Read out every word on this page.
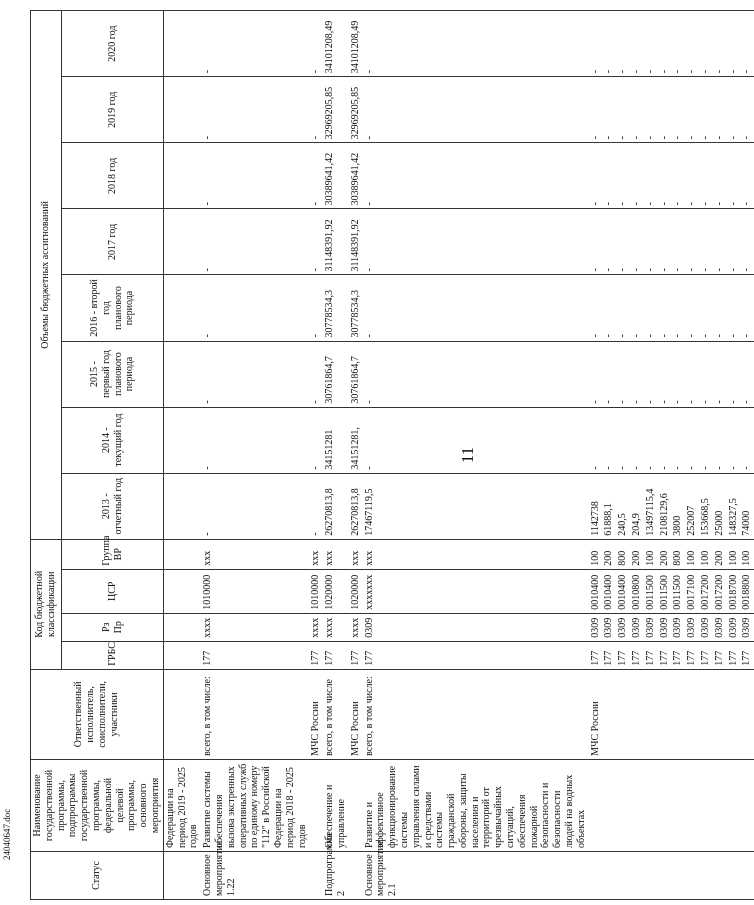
Статус	Наименование государственной программы, подпрограммы государственной программы, федеральной целевой программы, основного мероприятия	Ответственный исполнитель, соисполнители, участники	Код бюджетной классификации				Объемы бюджетных ассигнований							
			ГРБС	Рз Пр	ЦСР	Группа ВР	2013 - отчетный год	2014 - текущий год	2015 - первый год планового периода	2016 - второй год планового периода	2017 год	2018 год	2019 год	2020 год
	Федерации на период 2019 - 2025 годов													
Основное мероприятие 1.22	Развитие системы обеспечения вызова экстренных оперативных служб по единому номеру "112" в Российской Федерации на период 2018 - 2025 годов	всего, в том числе:	177	xxxx	1010000	xxx	-	-	-	-	-	-	-	-
		МЧС России	177	xxxx	1010000	xxx	-	-	-	-	-	-	-	-
Подпрограмма 2	Обеспечение и управление	всего, в том числе	177	xxxx	1020000	xxx	26270813,8	34151281	30761864,7	30778534,3	31148391,92	30389641,42	32969205,85	34101208,49
		МЧС России	177	xxxx	1020000	xxx	26270813,8	34151281,	30761864,7	30778534,3	31148391,92	30389641,42	32969205,85	34101208,49
Основное мероприятие 2.1	Развитие и эффективное функционирование системы управления силами и средствами системы гражданской обороны, защиты населения и территорий от чрезвычайных ситуаций, обеспечения пожарной безопасности и безопасности людей на водных объектах	всего, в том числе:	177	0309	xxxxxxx	xxx	17467119,5	-	-	-	-	-	-	-
		МЧС России	177	0309	0010400	100	1142738	-	-	-	-	-	-	-
			177	0309	0010400	200	61888,1	-	-	-	-	-	-	-
			177	0309	0010400	800	240,5	-	-	-	-	-	-	-
			177	0309	0010800	200	204,9	-	-	-	-	-	-	-
			177	0309	0011500	100	13497115,4	-	-	-	-	-	-	-
			177	0309	0011500	200	2108129,6	-	-	-	-	-	-	-
			177	0309	0011500	800	3800	-	-	-	-	-	-	-
			177	0309	0017100	100	252007	-	-	-	-	-	-	-
			177	0309	0017200	100	153668,5	-	-	-	-	-	-	-
			177	0309	0017200	200	25000	-	-	-	-	-	-	-
			177	0309	0018700	100	148327,5	-	-	-	-	-	-	-
			177	0309	0018800	100	74000	-	-	-	-	-	-	-
11
24040647.doc
